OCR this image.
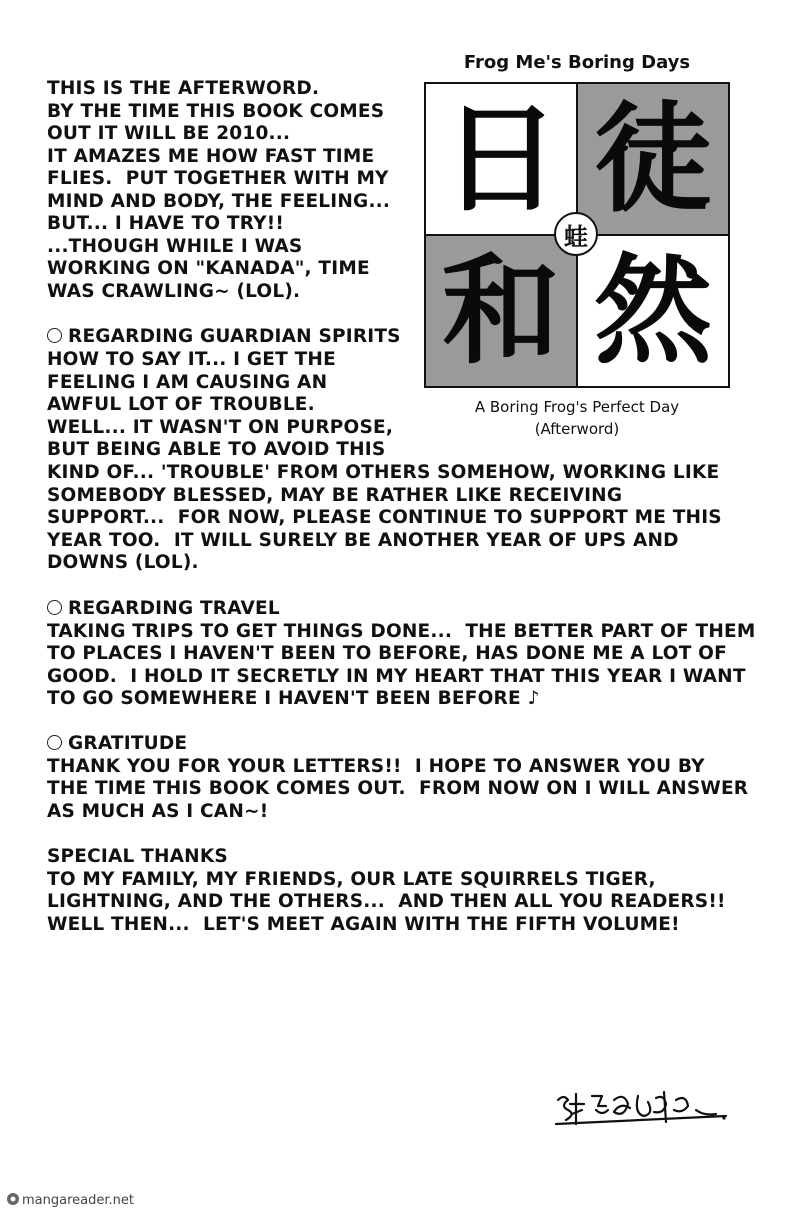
Frog Me's Boring Days
日 徒
和 然
蛙
A Boring Frog's Perfect Day
(Afterword)

THIS IS THE AFTERWORD.
BY THE TIME THIS BOOK COMES
OUT IT WILL BE 2010...
IT AMAZES ME HOW FAST TIME
FLIES.  PUT TOGETHER WITH MY
MIND AND BODY, THE FEELING...
BUT... I HAVE TO TRY!!
...THOUGH WHILE I WAS
WORKING ON "KANADA", TIME
WAS CRAWLING~ (LOL).

REGARDING GUARDIAN SPIRITS

HOW TO SAY IT... I GET THE
FEELING I AM CAUSING AN
AWFUL LOT OF TROUBLE.
WELL... IT WASN'T ON PURPOSE,
BUT BEING ABLE TO AVOID THIS

KIND OF... 'TROUBLE' FROM OTHERS SOMEHOW, WORKING LIKE
SOMEBODY BLESSED, MAY BE RATHER LIKE RECEIVING
SUPPORT...  FOR NOW, PLEASE CONTINUE TO SUPPORT ME THIS
YEAR TOO.  IT WILL SURELY BE ANOTHER YEAR OF UPS AND
DOWNS (LOL).

REGARDING TRAVEL
TAKING TRIPS TO GET THINGS DONE...  THE BETTER PART OF THEM
TO PLACES I HAVEN'T BEEN TO BEFORE, HAS DONE ME A LOT OF
GOOD.  I HOLD IT SECRETLY IN MY HEART THAT THIS YEAR I WANT
TO GO SOMEWHERE I HAVEN'T BEEN BEFORE ♪
GRATITUDE
THANK YOU FOR YOUR LETTERS!!  I HOPE TO ANSWER YOU BY
THE TIME THIS BOOK COMES OUT.  FROM NOW ON I WILL ANSWER
AS MUCH AS I CAN~!

SPECIAL THANKS
TO MY FAMILY, MY FRIENDS, OUR LATE SQUIRRELS TIGER,
LIGHTNING, AND THE OTHERS...  AND THEN ALL YOU READERS!!
WELL THEN...  LET'S MEET AGAIN WITH THE FIFTH VOLUME!

mangareader.net
